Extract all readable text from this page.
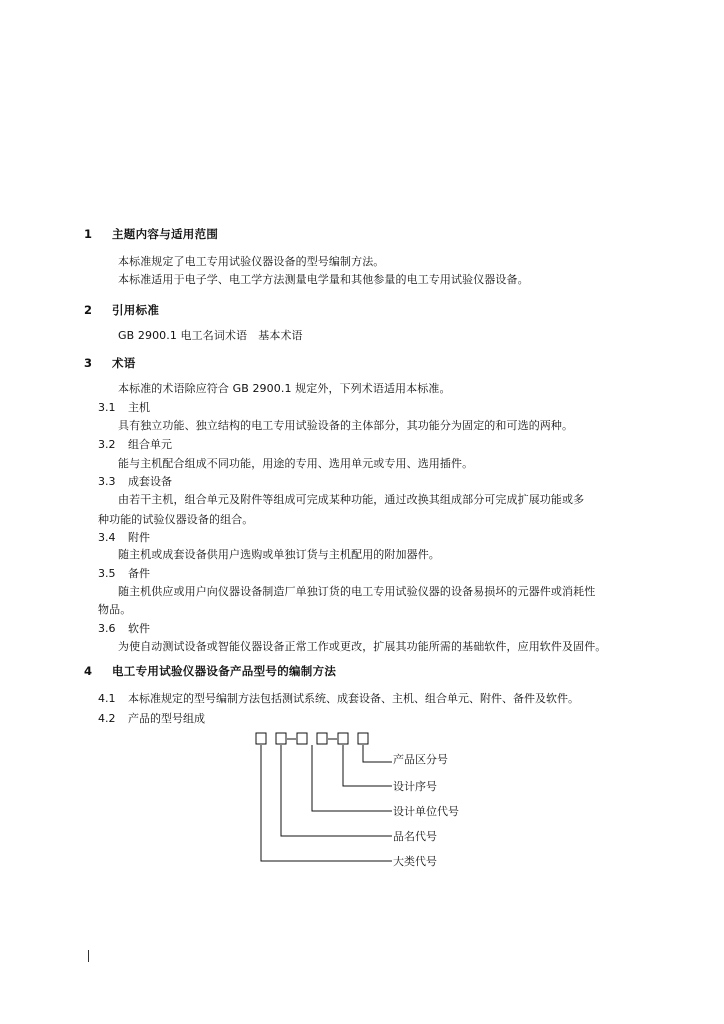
1 主题内容与适用范围
本标准规定了电工专用试验仪器设备的型号编制方法。
本标准适用于电子学、电工学方法测量电学量和其他参量的电工专用试验仪器设备。
2 引用标准
GB 2900.1 电工名词术语　基本术语
3 术语
本标准的术语除应符合 GB 2900.1 规定外，下列术语适用本标准。
3.1 主机
具有独立功能、独立结构的电工专用试验设备的主体部分，其功能分为固定的和可选的两种。
3.2 组合单元
能与主机配合组成不同功能，用途的专用、选用单元或专用、选用插件。
3.3 成套设备
由若干主机，组合单元及附件等组成可完成某种功能，通过改换其组成部分可完成扩展功能或多
种功能的试验仪器设备的组合。
3.4 附件
随主机或成套设备供用户选购或单独订货与主机配用的附加器件。
3.5 备件
随主机供应或用户向仪器设备制造厂单独订货的电工专用试验仪器的设备易损坏的元器件或消耗性
物品。
3.6 软件
为使自动测试设备或智能仪器设备正常工作或更改，扩展其功能所需的基础软件，应用软件及固件。
4 电工专用试验仪器设备产品型号的编制方法
4.1 本标准规定的型号编制方法包括测试系统、成套设备、主机、组合单元、附件、备件及软件。
4.2 产品的型号组成
产品区分号
设计序号
设计单位代号
品名代号
大类代号
